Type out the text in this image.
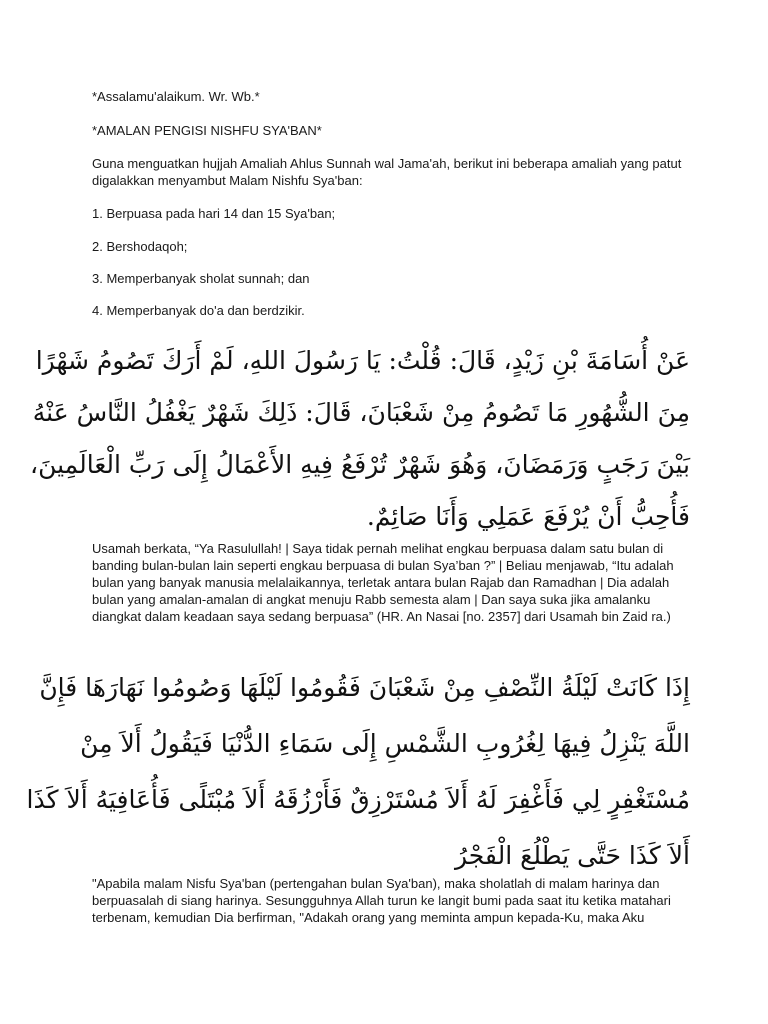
*Assalamu'alaikum. Wr. Wb.*

*AMALAN PENGISI NISHFU SYA'BAN*

Guna menguatkan hujjah Amaliah Ahlus Sunnah wal Jama'ah, berikut ini beberapa amaliah yang patut digalakkan menyambut Malam Nishfu Sya'ban:

1. Berpuasa pada hari 14 dan 15 Sya'ban;

2. Bershodaqoh;

3. Memperbanyak sholat sunnah; dan

4. Memperbanyak do'a dan berdzikir.

عَنْ أُسَامَةَ بْنِ زَيْدٍ، قَالَ: قُلْتُ: يَا رَسُولَ اللهِ، لَمْ أَرَكَ تَصُومُ شَهْرًا
مِنَ الشُّهُورِ مَا تَصُومُ مِنْ شَعْبَانَ، قَالَ: ذَلِكَ شَهْرٌ يَغْفُلُ النَّاسُ عَنْهُ
بَيْنَ رَجَبٍ وَرَمَضَانَ، وَهُوَ شَهْرٌ تُرْفَعُ فِيهِ الأَعْمَالُ إِلَى رَبِّ الْعَالَمِينَ،
فَأُحِبُّ أَنْ يُرْفَعَ عَمَلِي وَأَنَا صَائِمٌ.

Usamah berkata, “Ya Rasulullah! | Saya tidak pernah melihat engkau berpuasa dalam satu bulan di banding bulan-bulan lain seperti engkau berpuasa di bulan Sya’ban ?” | Beliau menjawab, “Itu adalah bulan yang banyak manusia melalaikannya, terletak antara bulan Rajab dan Ramadhan | Dia adalah bulan yang amalan-amalan di angkat menuju Rabb semesta alam | Dan saya suka jika amalanku diangkat dalam keadaan saya sedang berpuasa” (HR. An Nasai [no. 2357] dari Usamah bin Zaid ra.)

إِذَا كَانَتْ لَيْلَةُ النِّصْفِ مِنْ شَعْبَانَ فَقُومُوا لَيْلَهَا وَصُومُوا نَهَارَهَا فَإِنَّ
اللَّهَ يَنْزِلُ فِيهَا لِغُرُوبِ الشَّمْسِ إِلَى سَمَاءِ الدُّنْيَا فَيَقُولُ أَلاَ مِنْ
مُسْتَغْفِرٍ لِي فَأَغْفِرَ لَهُ أَلاَ مُسْتَرْزِقٌ فَأَرْزُقَهُ أَلاَ مُبْتَلًى فَأُعَافِيَهُ أَلاَ كَذَا
أَلاَ كَذَا حَتَّى يَطْلُعَ الْفَجْرُ

"Apabila malam Nisfu Sya'ban (pertengahan bulan Sya'ban), maka sholatlah di malam harinya dan berpuasalah di siang harinya. Sesungguhnya Allah turun ke langit bumi pada saat itu ketika matahari terbenam, kemudian Dia berfirman, "Adakah orang yang meminta ampun kepada-Ku, maka Aku
